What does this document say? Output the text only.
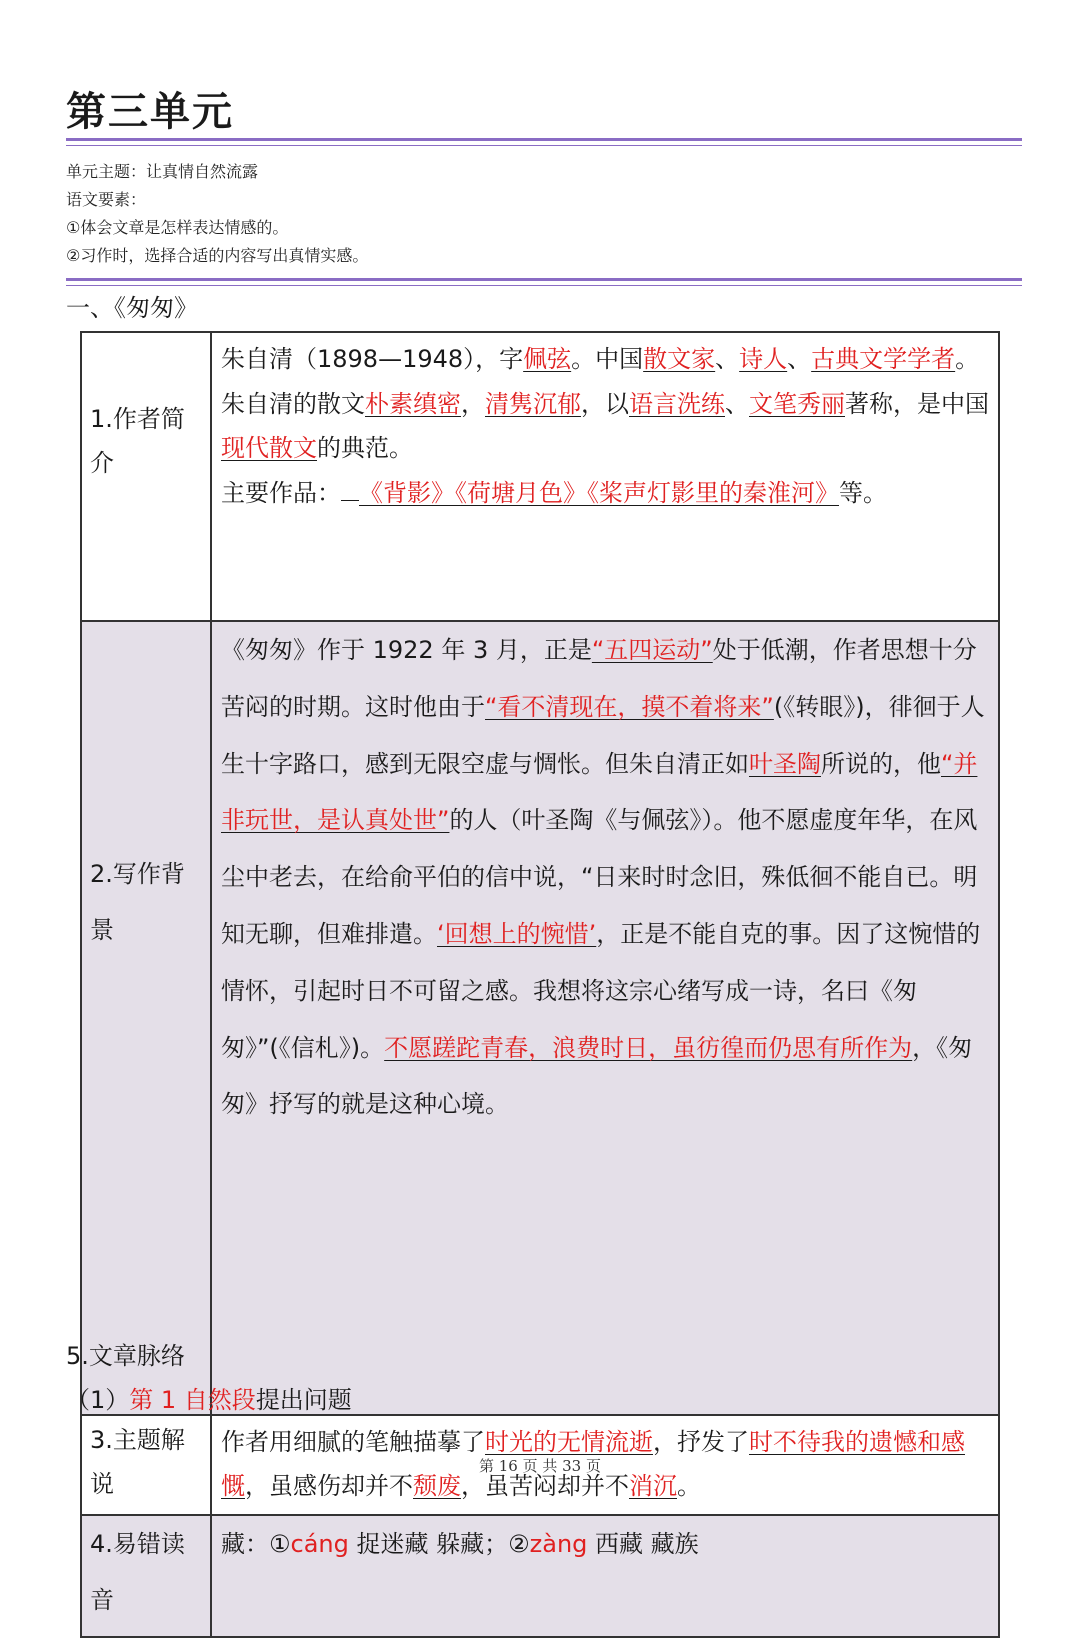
第三单元
单元主题：让真情自然流露
语文要素：
①体会文章是怎样表达情感的。
②习作时，选择合适的内容写出真情实感。
一、《匆匆》
1.作者简介	朱自清（1898—1948），字佩弦。中国散文家、诗人、古典文学学者。
朱自清的散文朴素缜密，清隽沉郁，以语言洗练、文笔秀丽著称，是中国现代散文的典范。
主要作品： 《背影》《荷塘月色》《桨声灯影里的秦淮河》等。
2.写作背景	《匆匆》作于 1922 年 3 月，正是“五四运动”处于低潮，作者思想十分苦闷的时期。这时他由于“看不清现在，摸不着将来”(《转眼》)，徘徊于人生十字路口，感到无限空虚与惆怅。但朱自清正如叶圣陶所说的，他“并非玩世，是认真处世”的人（叶圣陶《与佩弦》）。他不愿虚度年华，在风尘中老去，在给俞平伯的信中说，“日来时时念旧，殊低徊不能自已。明知无聊，但难排遣。‘回想上的惋惜’，正是不能自克的事。因了这惋惜的情怀，引起时日不可留之感。我想将这宗心绪写成一诗，名曰《匆匆》”(《信札》)。不愿蹉跎青春，浪费时日，虽彷徨而仍思有所作为，《匆匆》抒写的就是这种心境。
3.主题解说	作者用细腻的笔触描摹了时光的无情流逝，抒发了时不待我的遗憾和感慨，虽感伤却并不颓废，虽苦闷却并不消沉。
4.易错读音	藏：①cáng 捉迷藏 躲藏；②zàng 西藏 藏族
5.文章脉络
（1）第 1 自然段提出问题
第 16 页 共 33 页
